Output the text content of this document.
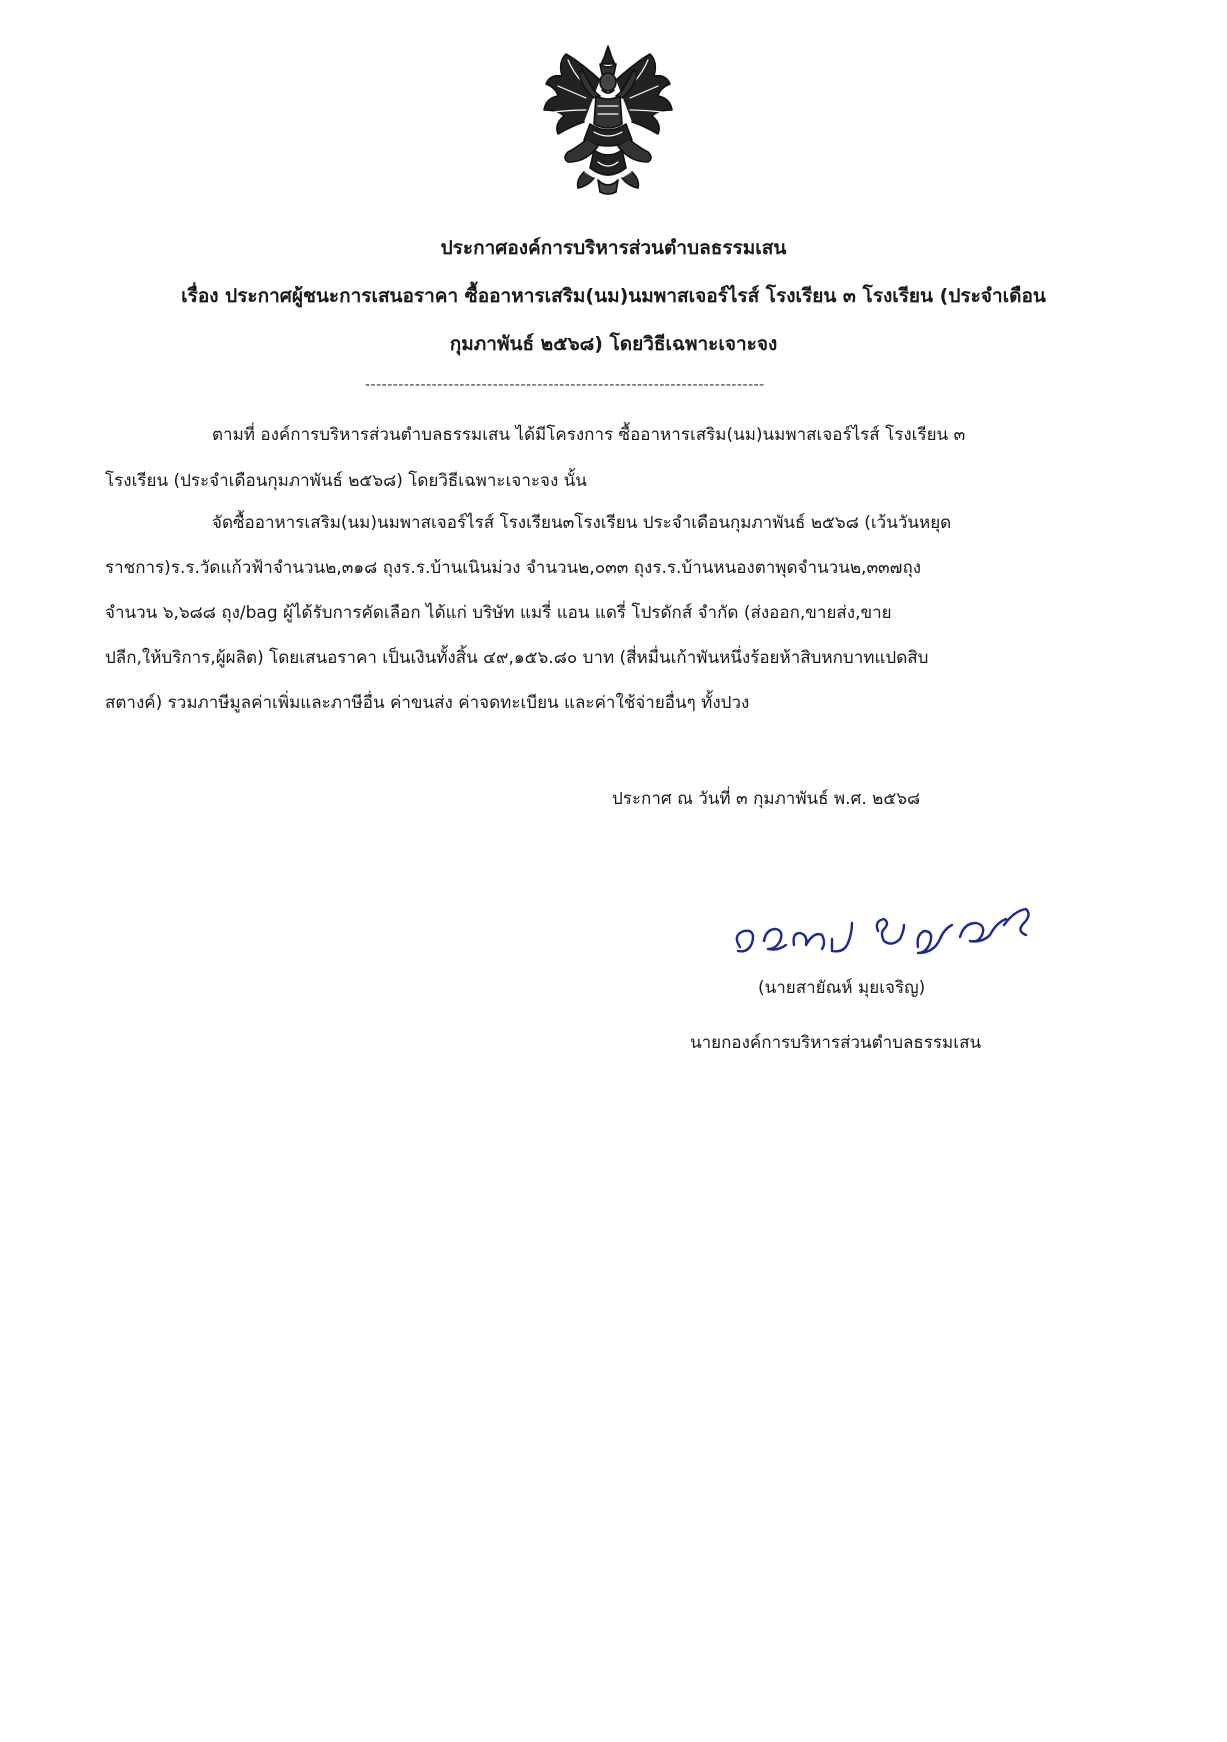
ประกาศองค์การบริหารส่วนตำบลธรรมเสน
เรื่อง ประกาศผู้ชนะการเสนอราคา ซื้ออาหารเสริม(นม)นมพาสเจอร์ไรส์ โรงเรียน ๓ โรงเรียน (ประจำเดือน
กุมภาพันธ์ ๒๕๖๘) โดยวิธีเฉพาะเจาะจง
------------------------------------------------------------------------
ตามที่ องค์การบริหารส่วนตำบลธรรมเสน ได้มีโครงการ ซื้ออาหารเสริม(นม)นมพาสเจอร์ไรส์ โรงเรียน ๓
โรงเรียน (ประจำเดือนกุมภาพันธ์ ๒๕๖๘) โดยวิธีเฉพาะเจาะจง นั้น
จัดซื้ออาหารเสริม(นม)นมพาสเจอร์ไรส์ โรงเรียน๓โรงเรียน ประจำเดือนกุมภาพันธ์ ๒๕๖๘ (เว้นวันหยุด
ราชการ)ร.ร.วัดแก้วฟ้าจำนวน๒,๓๑๘ ถุงร.ร.บ้านเนินม่วง จำนวน๒,๐๓๓ ถุงร.ร.บ้านหนองตาพุดจำนวน๒,๓๓๗ถุง
จำนวน ๖,๖๘๘ ถุง/bag ผู้ได้รับการคัดเลือก ได้แก่ บริษัท แมรี่ แอน แดรี่ โปรดักส์ จำกัด (ส่งออก,ขายส่ง,ขาย
ปลีก,ให้บริการ,ผู้ผลิต) โดยเสนอราคา เป็นเงินทั้งสิ้น ๔๙,๑๕๖.๘๐ บาท (สี่หมื่นเก้าพันหนึ่งร้อยห้าสิบหกบาทแปดสิบ
สตางค์) รวมภาษีมูลค่าเพิ่มและภาษีอื่น ค่าขนส่ง ค่าจดทะเบียน และค่าใช้จ่ายอื่นๆ ทั้งปวง
ประกาศ ณ วันที่ ๓ กุมภาพันธ์ พ.ศ. ๒๕๖๘
(นายสายัณห์ มุยเจริญ)
นายกองค์การบริหารส่วนตำบลธรรมเสน
